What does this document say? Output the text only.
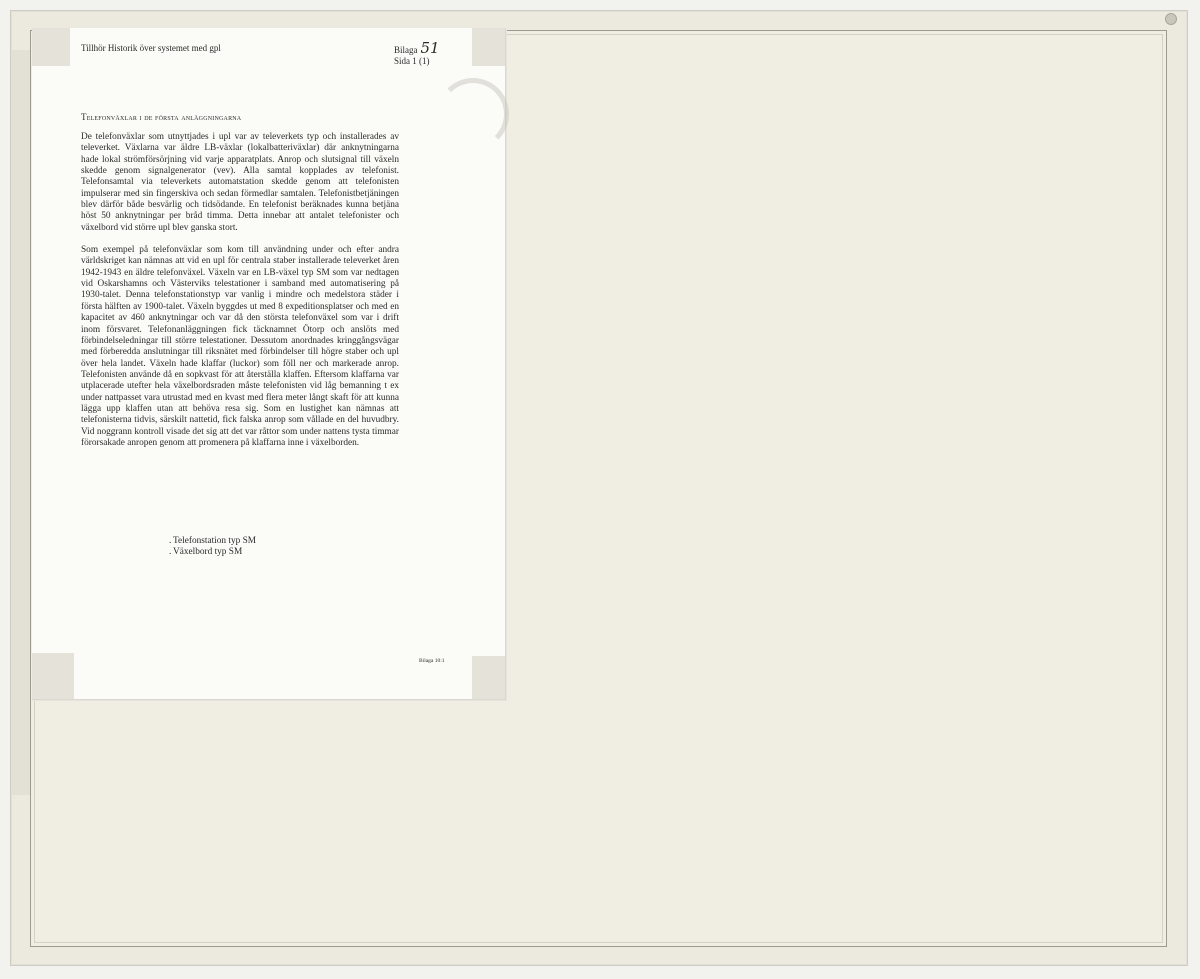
Tillhör Historik över systemet med gpl	Bilaga 51
Sida 1 (1)
Telefonväxlar i de första anläggningarna

De telefonväxlar som utnyttjades i upl var av televerkets typ och installerades av televerket. Växlarna var äldre LB-växlar (lokalbatteriväxlar) där anknytningarna hade lokal strömförsörjning vid varje apparatplats. Anrop och slutsignal till växeln skedde genom signalgenerator (vev). Alla samtal kopplades av telefonist. Telefonsamtal via televerkets automatstation skedde genom att telefonisten impulserar med sin fingerskiva och sedan förmedlar samtalen. Telefonistbetjäningen blev därför både besvärlig och tidsödande. En telefonist beräknades kunna betjäna höst 50 anknytningar per bråd timma. Detta innebar att antalet telefonister och växelbord vid större upl blev ganska stort.

Som exempel på telefonväxlar som kom till användning under och efter andra världskriget kan nämnas att vid en upl för centrala staber installerade televerket åren 1942-1943 en äldre telefonväxel. Växeln var en LB-växel typ SM som var nedtagen vid Oskarshamns och Västerviks telestationer i samband med automatisering på 1930-talet. Denna telefonstationstyp var vanlig i mindre och medelstora städer i första hälften av 1900-talet. Växeln byggdes ut med 8 expeditionsplatser och med en kapacitet av 460 anknytningar och var då den största telefonväxel som var i drift inom försvaret. Telefonanläggningen fick täcknamnet Ötorp och anslöts med förbindelseledningar till större telestationer. Dessutom anordnades kringgångsvägar med förberedda anslutningar till riksnätet med förbindelser till högre staber och upl över hela landet. Växeln hade klaffar (luckor) som föll ner och markerade anrop. Telefonisten använde då en sopkvast för att återställa klaffen. Eftersom klaffarna var utplacerade utefter hela växelbordsraden måste telefonisten vid låg bemanning t ex under nattpasset vara utrustad med en kvast med flera meter långt skaft för att kunna lägga upp klaffen utan att behöva resa sig. Som en lustighet kan nämnas att telefonisterna tidvis, särskilt nattetid, fick falska anrop som vållade en del huvudbry. Vid noggrann kontroll visade det sig att det var råttor som under nattens tysta timmar förorsakade anropen genom att promenera på klaffarna inne i växelborden.

. Telefonstation typ SM
. Växelbord typ SM
Bilaga 10:1
